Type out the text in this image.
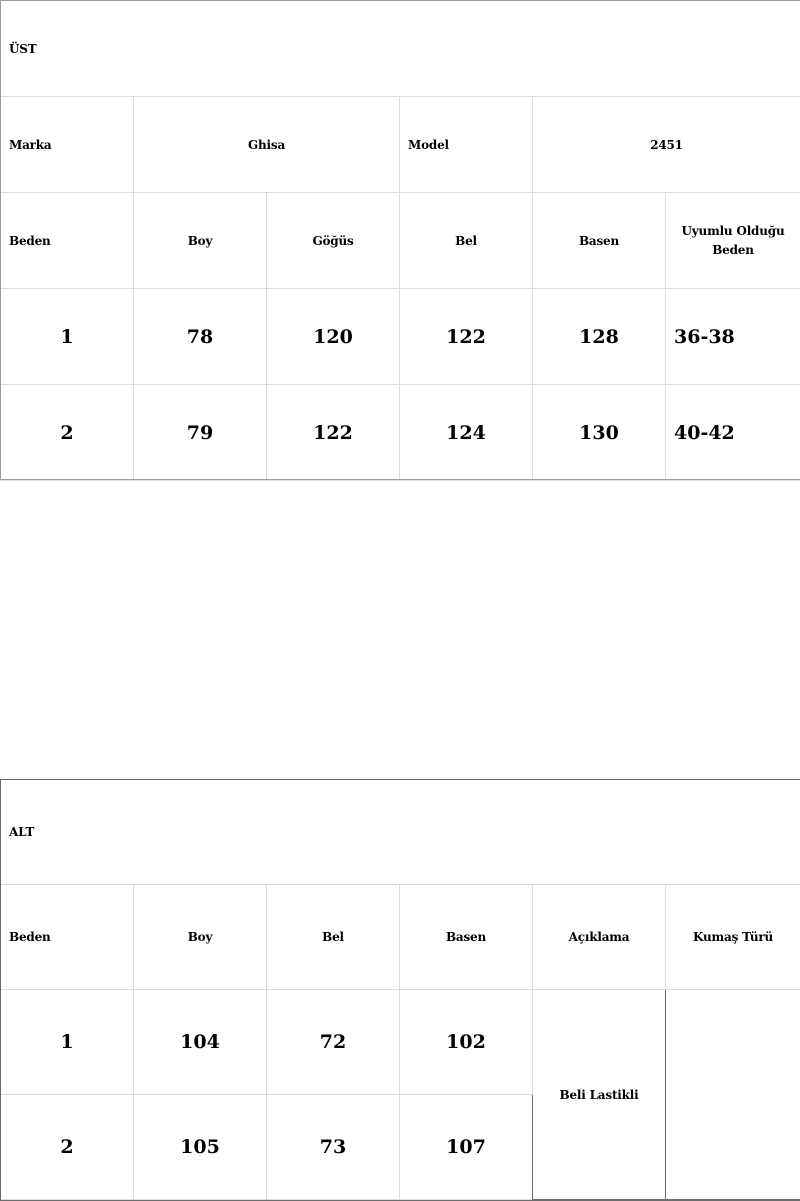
ÜST					
Marka	Ghisa		Model	2451	
Beden	Boy	Göğüs	Bel	Basen	Uyumlu Olduğu Beden
1	78	120	122	128	36-38
2	79	122	124	130	40-42
ALT					
Beden	Boy	Bel	Basen	Açıklama	Kumaş Türü
1	104	72	102	Beli Lastikli	
2	105	73	107		
